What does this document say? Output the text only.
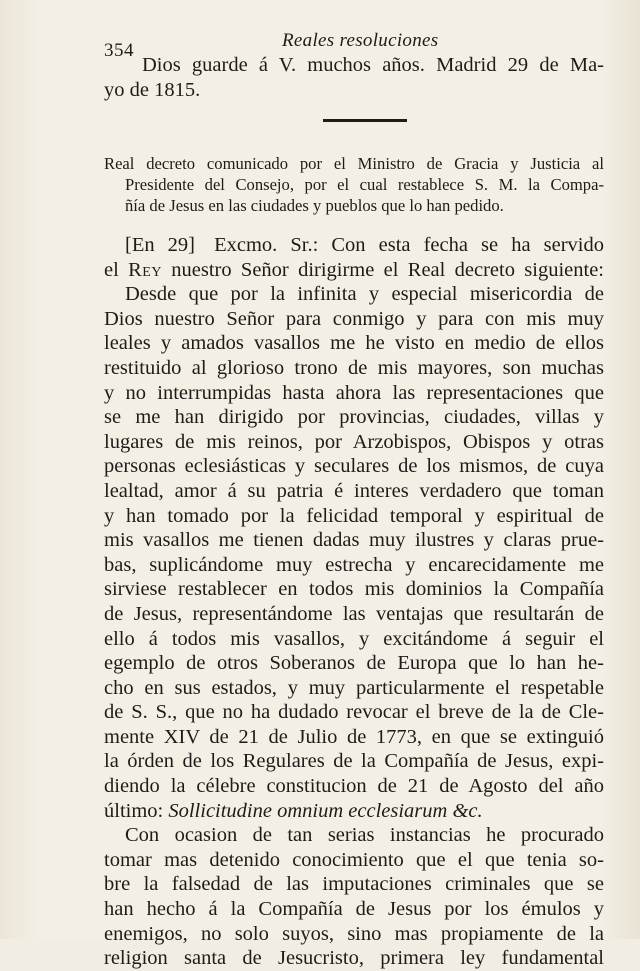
354	Reales resoluciones
Dios guarde á V. muchos años. Madrid 29 de Ma-
yo de 1815.
Real decreto comunicado por el Ministro de Gracia y Justicia al
Presidente del Consejo, por el cual restablece S. M. la Compa-
ñía de Jesus en las ciudades y pueblos que lo han pedido.
[En 29] Excmo. Sr.: Con esta fecha se ha servido
el Rey nuestro Señor dirigirme el Real decreto siguiente:
Desde que por la infinita y especial misericordia de
Dios nuestro Señor para conmigo y para con mis muy
leales y amados vasallos me he visto en medio de ellos
restituido al glorioso trono de mis mayores, son muchas
y no interrumpidas hasta ahora las representaciones que
se me han dirigido por provincias, ciudades, villas y
lugares de mis reinos, por Arzobispos, Obispos y otras
personas eclesiásticas y seculares de los mismos, de cuya
lealtad, amor á su patria é interes verdadero que toman
y han tomado por la felicidad temporal y espiritual de
mis vasallos me tienen dadas muy ilustres y claras prue-
bas, suplicándome muy estrecha y encarecidamente me
sirviese restablecer en todos mis dominios la Compañía
de Jesus, representándome las ventajas que resultarán de
ello á todos mis vasallos, y excitándome á seguir el
egemplo de otros Soberanos de Europa que lo han he-
cho en sus estados, y muy particularmente el respetable
de S. S., que no ha dudado revocar el breve de la de Cle-
mente XIV de 21 de Julio de 1773, en que se extinguió
la órden de los Regulares de la Compañía de Jesus, expi-
diendo la célebre constitucion de 21 de Agosto del año
último: Sollicitudine omnium ecclesiarum &c.
Con ocasion de tan serias instancias he procurado
tomar mas detenido conocimiento que el que tenia so-
bre la falsedad de las imputaciones criminales que se
han hecho á la Compañía de Jesus por los émulos y
enemigos, no solo suyos, sino mas propiamente de la
religion santa de Jesucristo, primera ley fundamental
